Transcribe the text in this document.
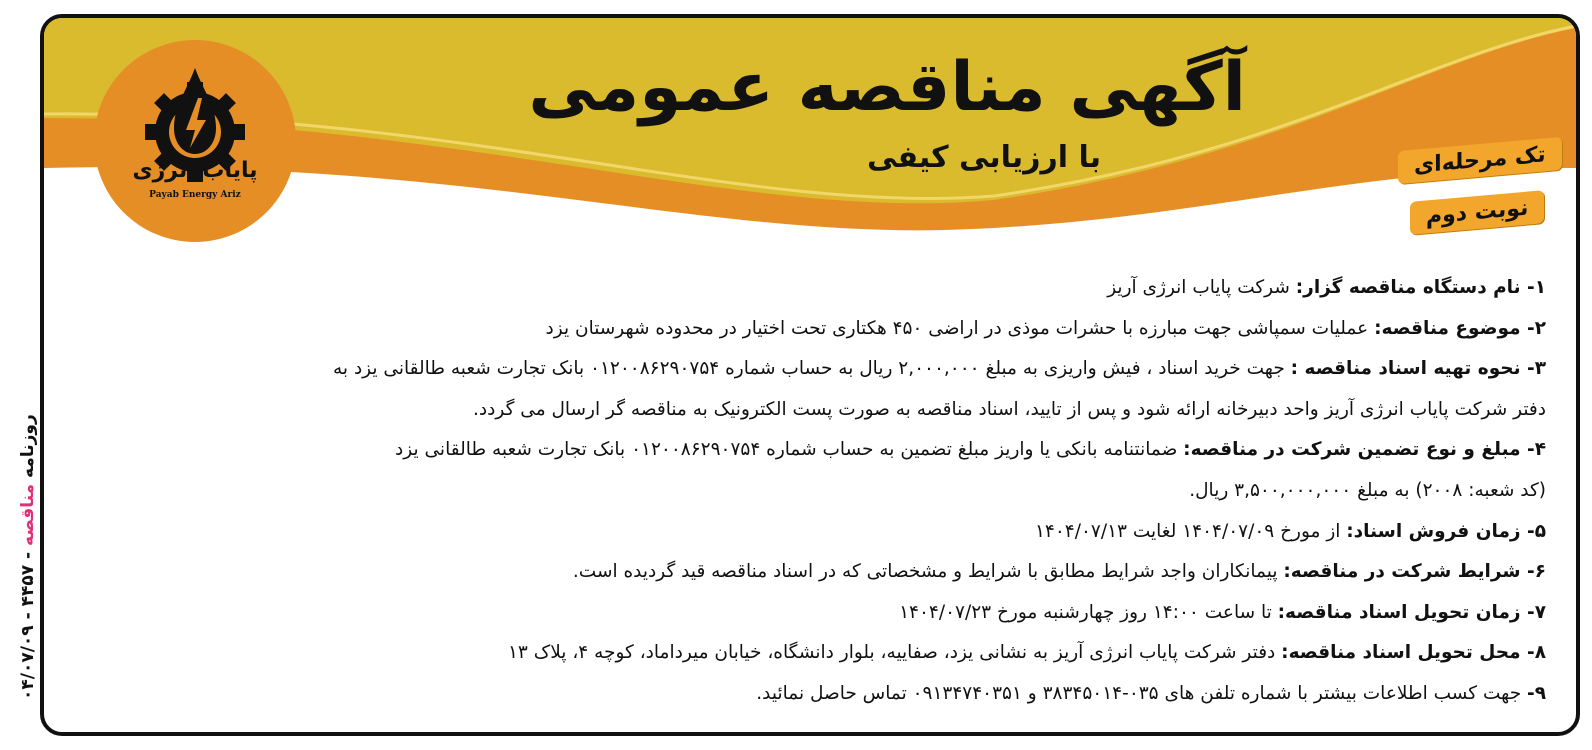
آگهی مناقصه عمومی
با ارزیابی کیفی	تک مرحله‌ای
نوبت دوم
پایاب انرژی
Payab Energy Ariz

۱- نام دستگاه مناقصه گزار: شرکت پایاب انرژی آریز

۲- موضوع مناقصه: عملیات سمپاشی جهت مبارزه با حشرات موذی در اراضی ۴۵۰ هکتاری تحت اختیار در محدوده شهرستان یزد

۳- نحوه تهیه اسناد مناقصه : جهت خرید اسناد ، فیش واریزی به مبلغ ۲,۰۰۰,۰۰۰ ریال به حساب شماره ۰۱۲۰۰۸۶۲۹۰۷۵۴ بانک تجارت شعبه طالقانی یزد به

دفتر شرکت پایاب انرژی آریز واحد دبیرخانه ارائه شود و پس از تایید، اسناد مناقصه به صورت پست الکترونیک به مناقصه گر ارسال می گردد.

۴- مبلغ و نوع تضمین شرکت در مناقصه: ضمانتنامه بانکی یا واریز مبلغ تضمین به حساب شماره ۰۱۲۰۰۸۶۲۹۰۷۵۴ بانک تجارت شعبه طالقانی یزد

(کد شعبه: ۲۰۰۸) به مبلغ ۳,۵۰۰,۰۰۰,۰۰۰ ریال.

۵- زمان فروش اسناد: از مورخ ۱۴۰۴/۰۷/۰۹ لغایت ۱۴۰۴/۰۷/۱۳

۶- شرایط شرکت در مناقصه: پیمانکاران واجد شرایط مطابق با شرایط و مشخصاتی که در اسناد مناقصه قید گردیده است.

۷- زمان تحویل اسناد مناقصه: تا ساعت ۱۴:۰۰ روز چهارشنبه مورخ ۱۴۰۴/۰۷/۲۳

۸- محل تحویل اسناد مناقصه: دفتر شرکت پایاب انرژی آریز به نشانی یزد، صفاییه، بلوار دانشگاه، خیابان میرداماد، کوچه ۴، پلاک ۱۳

۹- جهت کسب اطلاعات بیشتر با شماره تلفن های ۰۳۵-۳۸۳۴۵۰۱۴ و ۰۹۱۳۴۷۴۰۳۵۱ تماس حاصل نمائید.

روزنامه مناقصه - ۴۴۵۷ - ۰۴/۰۷/۰۹
